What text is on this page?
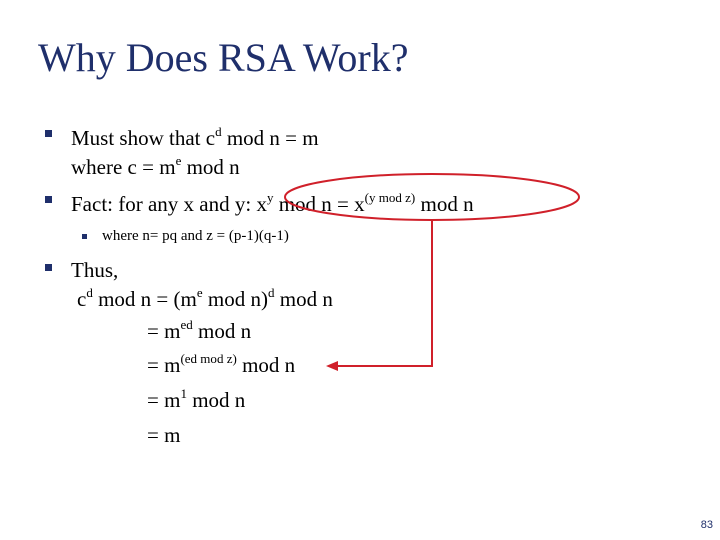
Why Does RSA Work?
Must show that $c^d$ mod n = m
where $c = m^e$ mod n
Fact: for any x and y: $x^y$ mod $n = x^{(y mod z)}$ mod n
where n= pq and z = (p-1)(q-1)
Thus,
$c^d$ mod $n = (m^e$ mod n)$^d$ mod n
= $m^{ed}$ mod n
= $m^{(ed mod z)}$ mod n
= $m^1$ mod n
= m
83
